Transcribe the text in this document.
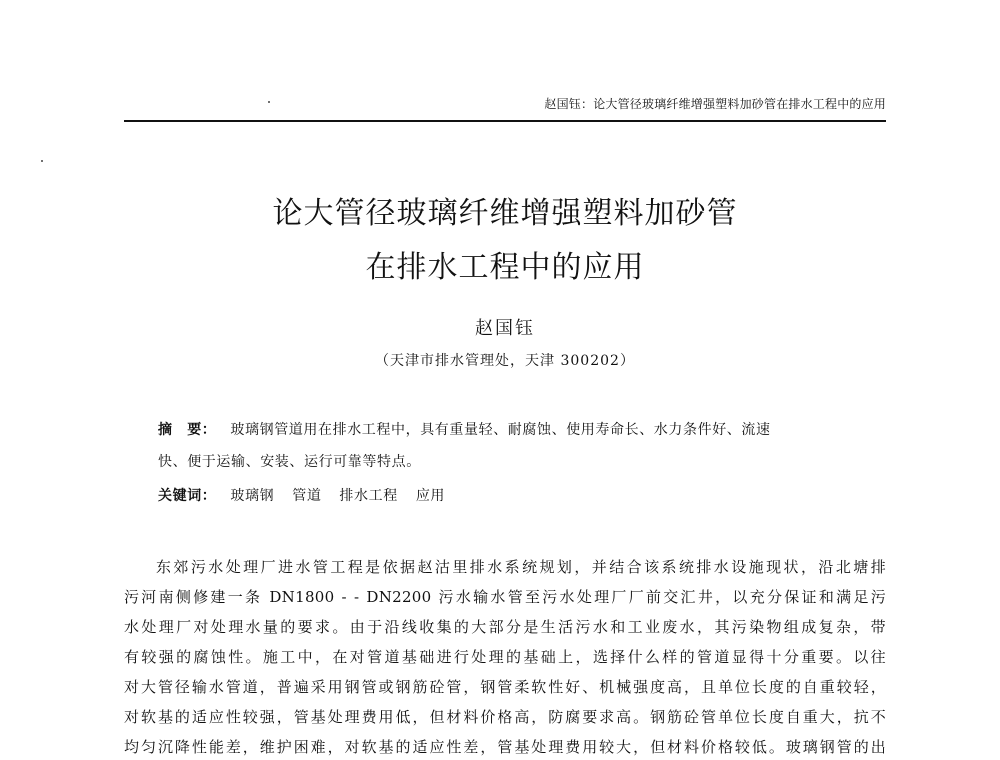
赵国钰：论大管径玻璃纤维增强塑料加砂管在排水工程中的应用
论大管径玻璃纤维增强塑料加砂管
在排水工程中的应用
赵国钰
（天津市排水管理处，天津 300202）
摘　要： 玻璃钢管道用在排水工程中，具有重量轻、耐腐蚀、使用寿命长、水力条件好、流速
快、便于运输、安装、运行可靠等特点。
关键词： 玻璃钢 管道 排水工程 应用
东郊污水处理厂进水管工程是依据赵沽里排水系统规划，并结合该系统排水设施现状，沿北塘排
污河南侧修建一条 DN1800 - - DN2200 污水输水管至污水处理厂厂前交汇井，以充分保证和满足污
水处理厂对处理水量的要求。由于沿线收集的大部分是生活污水和工业废水，其污染物组成复杂，带
有较强的腐蚀性。施工中，在对管道基础进行处理的基础上，选择什么样的管道显得十分重要。以往
对大管径输水管道，普遍采用钢管或钢筋砼管，钢管柔软性好、机械强度高，且单位长度的自重较轻，
对软基的适应性较强，管基处理费用低，但材料价格高，防腐要求高。钢筋砼管单位长度自重大，抗不
均匀沉降性能差，维护困难，对软基的适应性差，管基处理费用较大，但材料价格较低。玻璃钢管的出
